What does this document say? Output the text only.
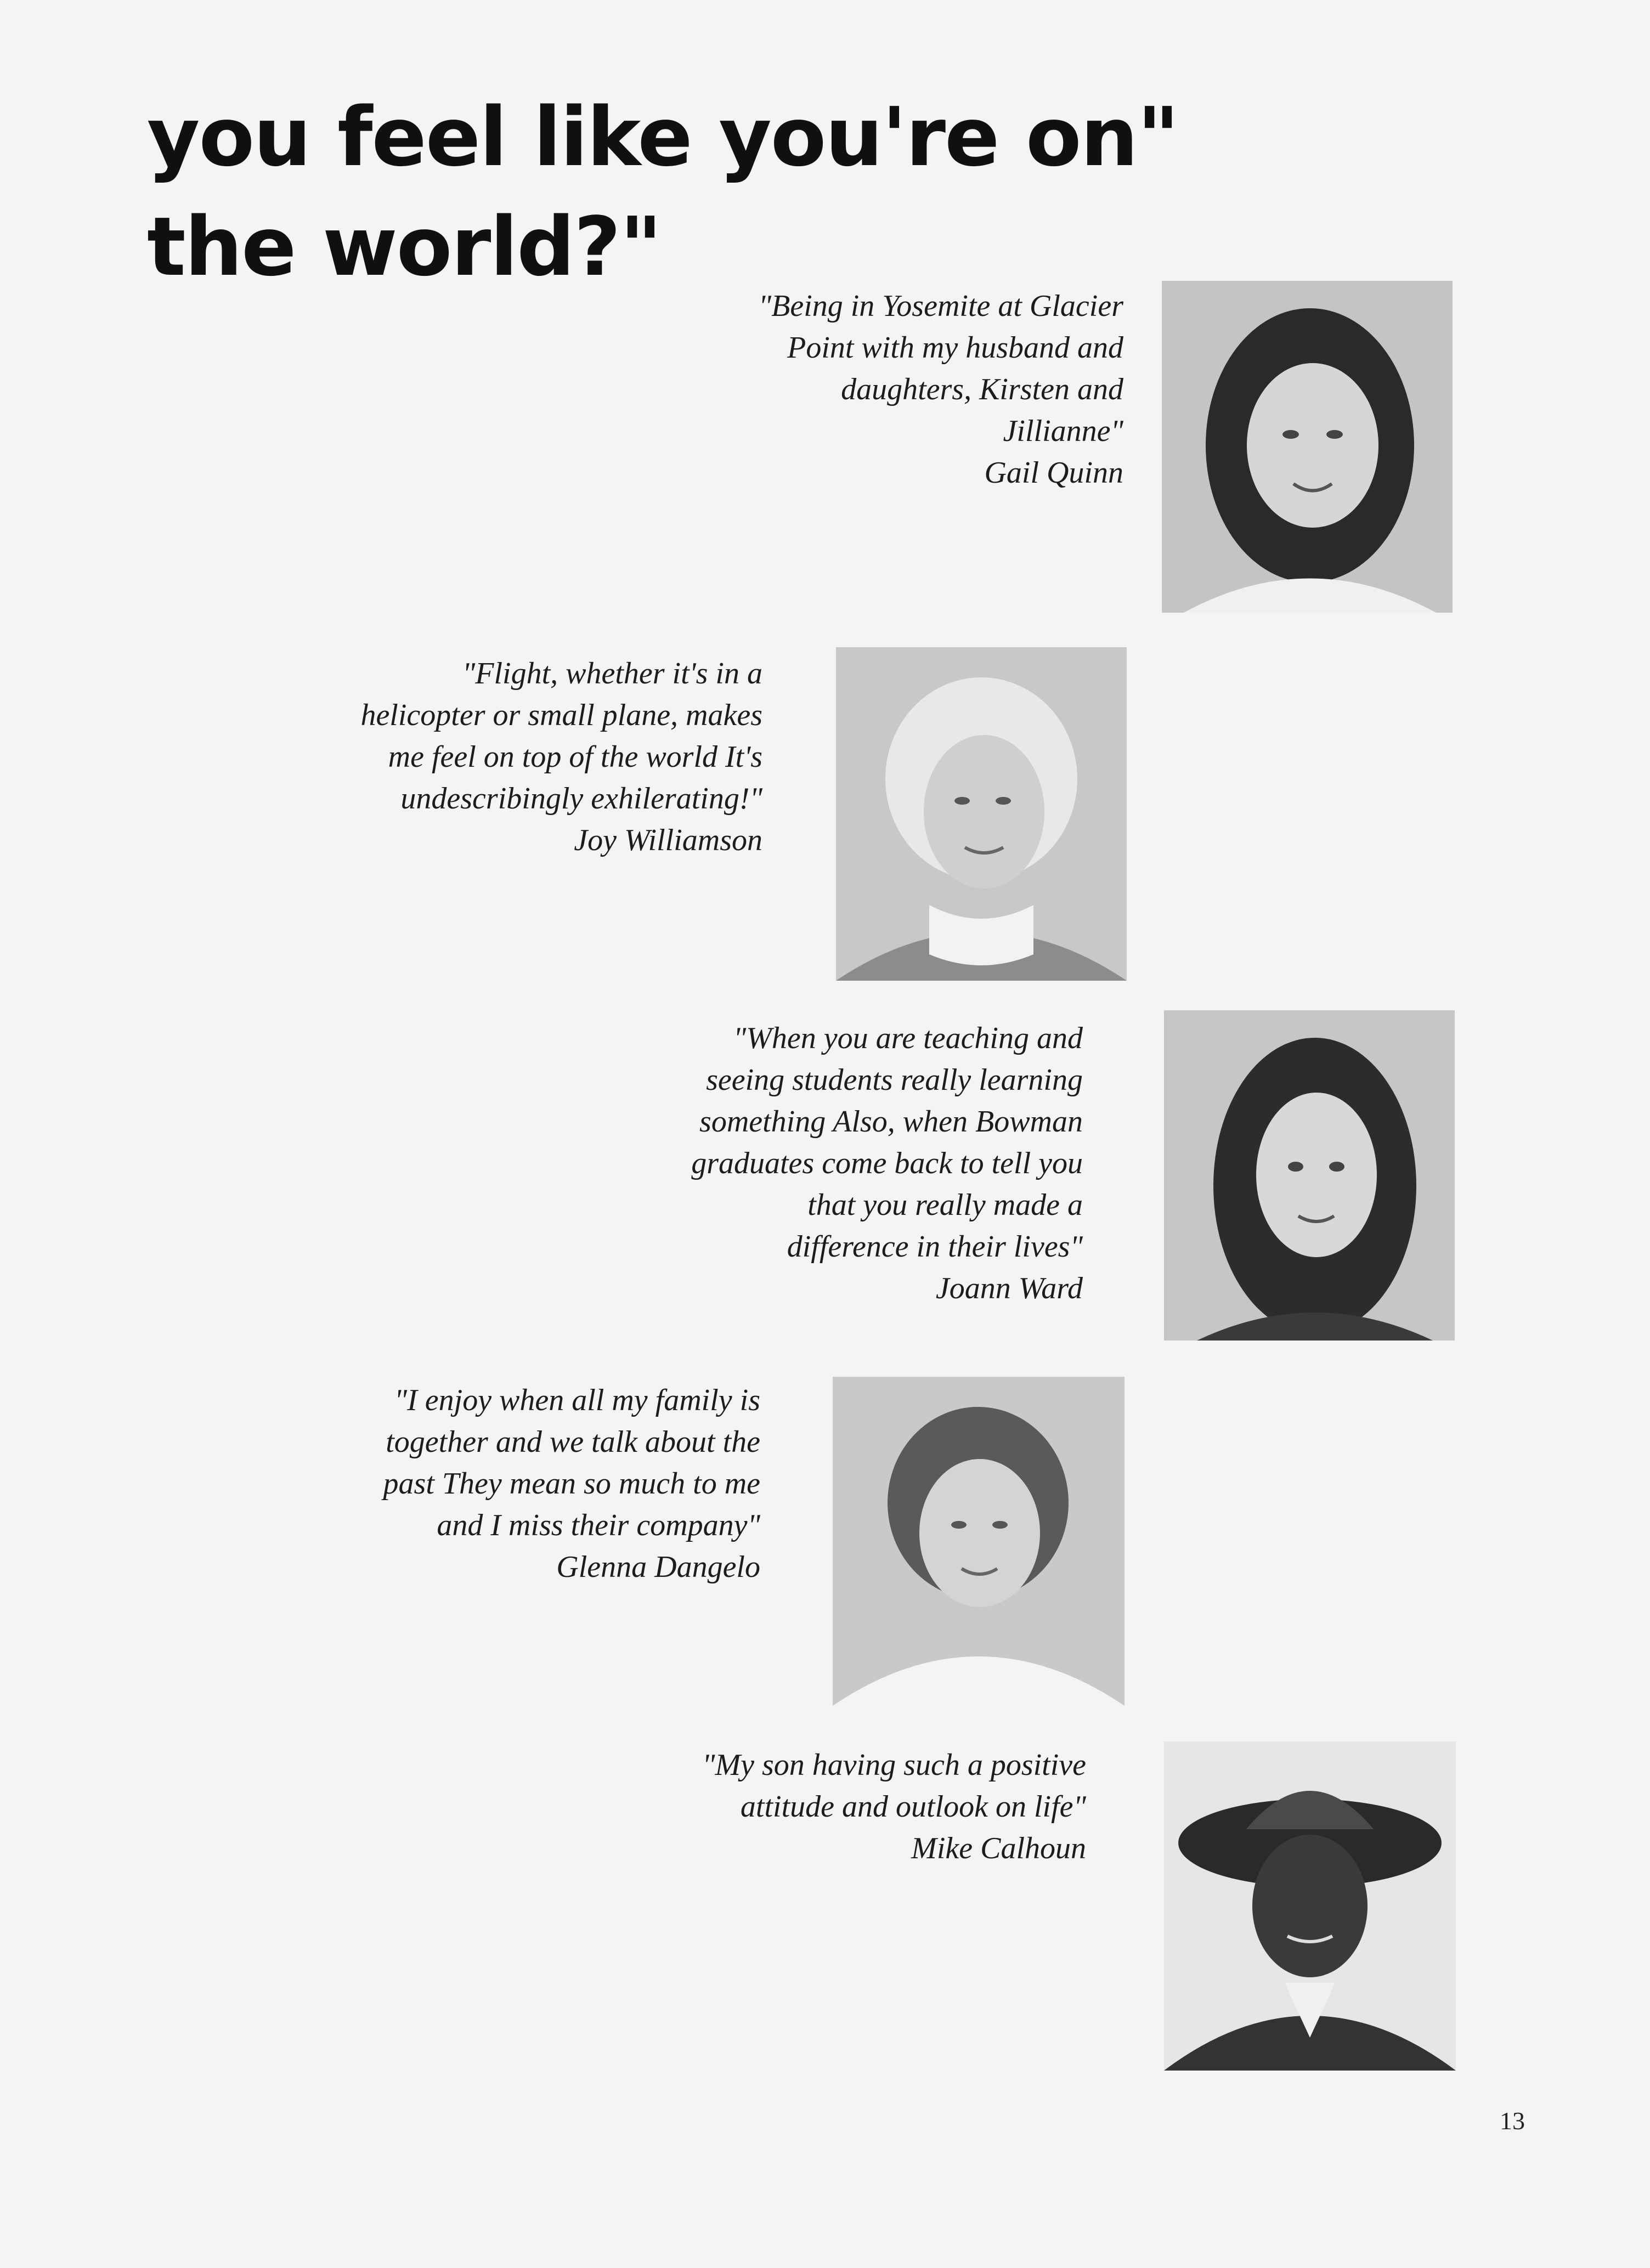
you feel like you're on"
the world?"
"Being in Yosemite at Glacier
Point with my husband and
daughters, Kirsten and
Jillianne"
Gail Quinn
"Flight, whether it's in a
helicopter or small plane, makes
me feel on top of the world It's
undescribingly exhilerating!"
Joy Williamson
"When you are teaching and
seeing students really learning
something Also, when Bowman
graduates come back to tell you
that you really made a
difference in their lives"
Joann Ward
"I enjoy when all my family is
together and we talk about the
past They mean so much to me
and I miss their company"
Glenna Dangelo
"My son having such a positive
attitude and outlook on life"
Mike Calhoun
13
